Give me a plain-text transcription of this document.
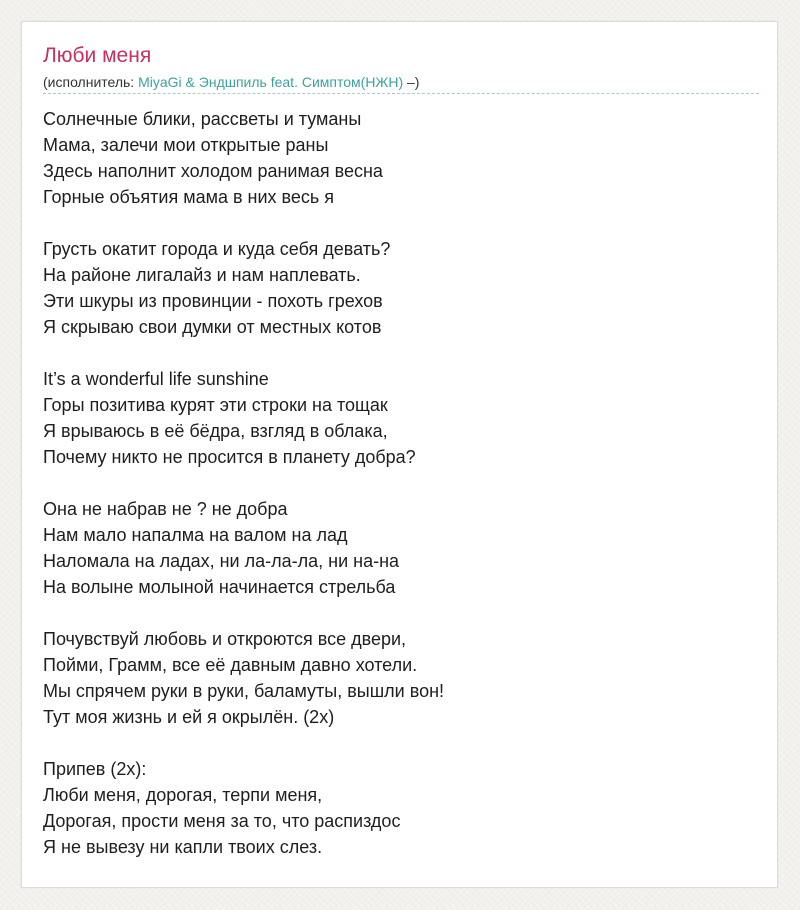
Люби меня
(исполнитель: MiyaGi & Эндшпиль feat. Симптом(НЖН) –)
Солнечные блики, рассветы и туманы
Мама, залечи мои открытые раны
Здесь наполнит холодом ранимая весна
Горные объятия мама в них весь я
Грусть окатит города и куда себя девать?
На районе лигалайз и нам наплевать.
Эти шкуры из провинции - похоть грехов
Я скрываю свои думки от местных котов
It’s a wonderful life sunshine
Горы позитива курят эти строки на тощак
Я врываюсь в её бёдра, взгляд в облака,
Почему никто не просится в планету добра?
Она не набрав не ? не добра
Нам мало напалма на валом на лад
Наломала на ладах, ни ла-ла-ла, ни на-на
На волыне молыной начинается стрельба
Почувствуй любовь и откроются все двери,
Пойми, Грамм, все её давным давно хотели.
Мы спрячем руки в руки, баламуты, вышли вон!
Тут моя жизнь и ей я окрылён. (2x)
Припев (2x):
Люби меня, дорогая, терпи меня,
Дорогая, прости меня за то, что распиздос
Я не вывезу ни капли твоих слез.
